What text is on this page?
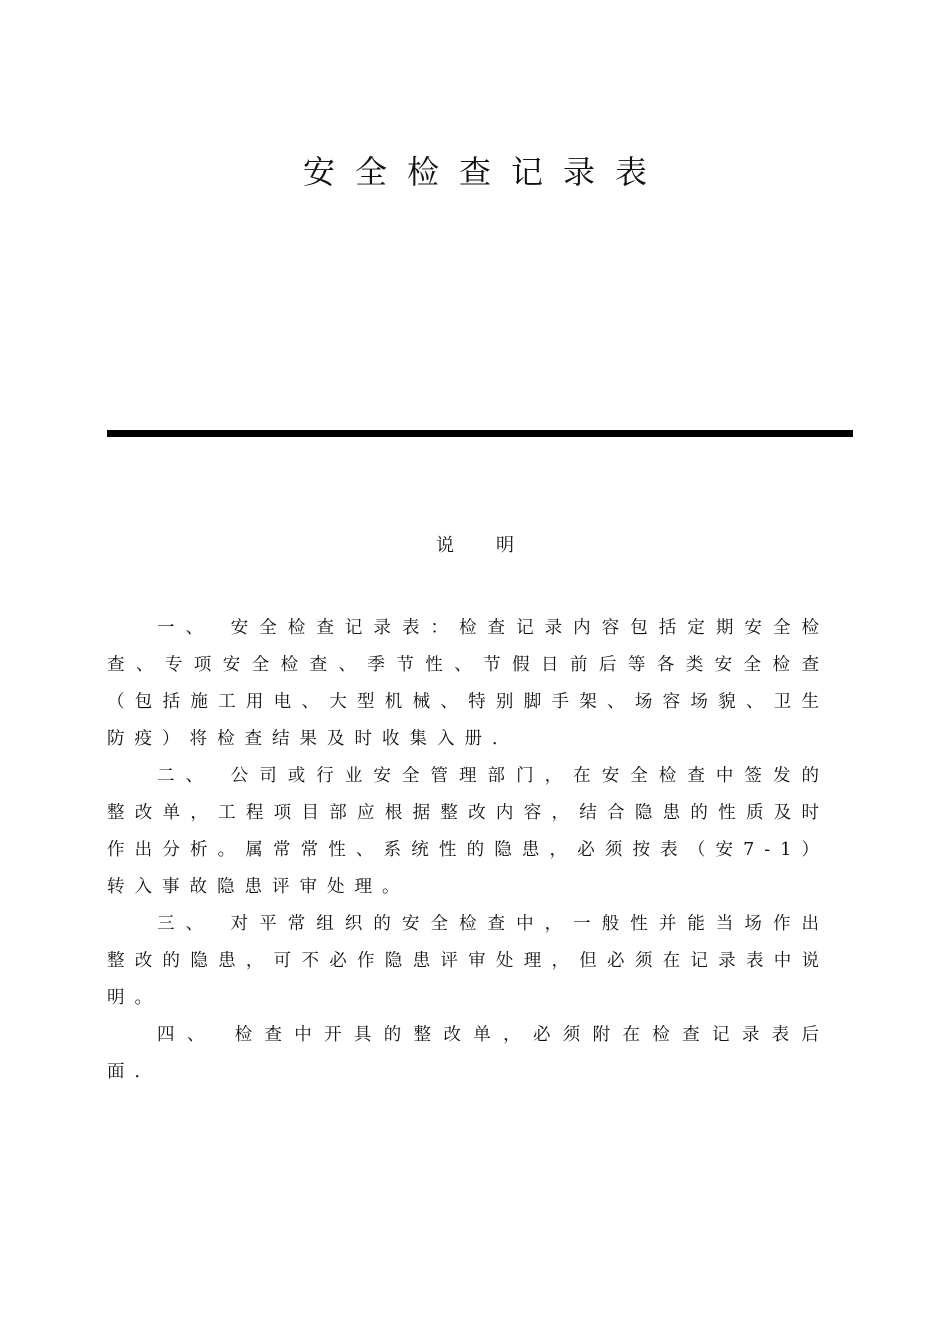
安全检查记录表
说明

一、 安全检查记录表：检查记录内容包括定期安全检查、专项安全检查、季节性、节假日前后等各类安全检查（包括施工用电、大型机械、特别脚手架、场容场貌、卫生防疫）将检查结果及时收集入册．

二、 公司或行业安全管理部门，在安全检查中签发的整改单，工程项目部应根据整改内容，结合隐患的性质及时作出分析。属常常性、系统性的隐患，必须按表（安7-1）转入事故隐患评审处理。

三、 对平常组织的安全检查中，一般性并能当场作出整改的隐患，可不必作隐患评审处理，但必须在记录表中说明。

四、 检查中开具的整改单，必须附在检查记录表后面．
